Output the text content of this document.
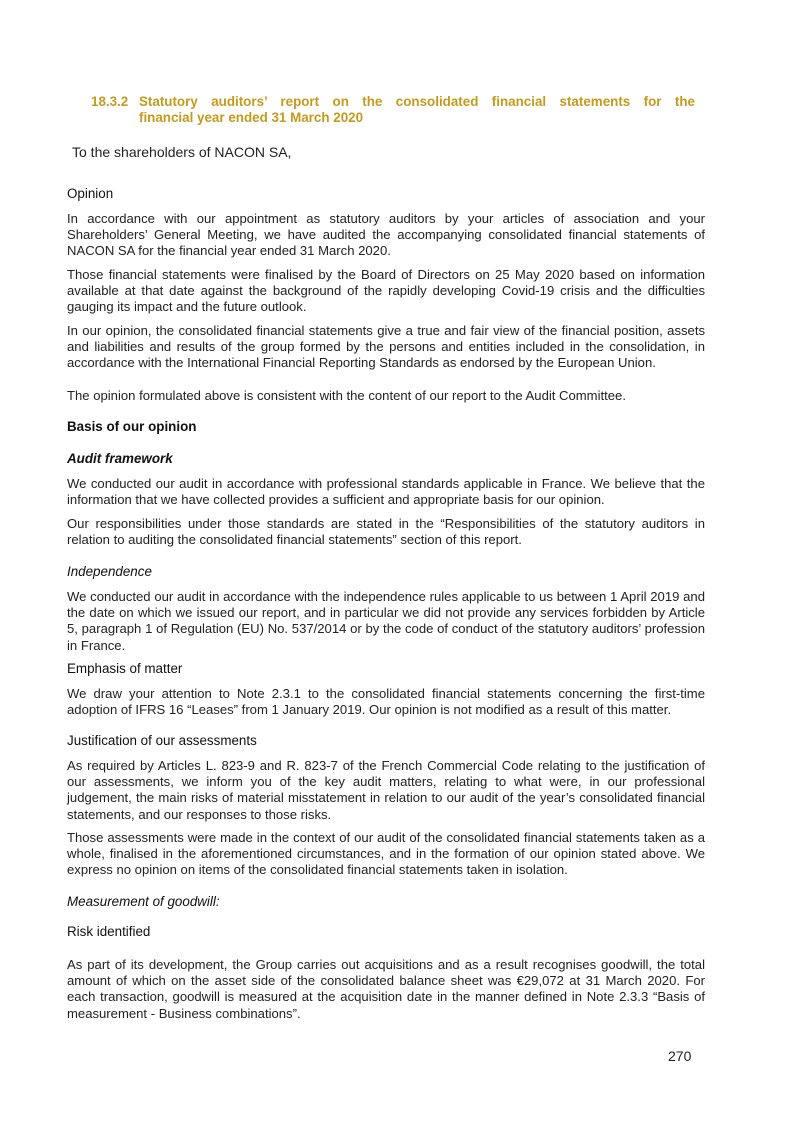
18.3.2 Statutory auditors’ report on the consolidated financial statements for the
financial year ended 31 March 2020
To the shareholders of NACON SA,
Opinion

In accordance with our appointment as statutory auditors by your articles of association and your Shareholders’ General Meeting, we have audited the accompanying consolidated financial statements of NACON SA for the financial year ended 31 March 2020.

Those financial statements were finalised by the Board of Directors on 25 May 2020 based on information available at that date against the background of the rapidly developing Covid-19 crisis and the difficulties gauging its impact and the future outlook.

In our opinion, the consolidated financial statements give a true and fair view of the financial position, assets and liabilities and results of the group formed by the persons and entities included in the consolidation, in accordance with the International Financial Reporting Standards as endorsed by the European Union.

The opinion formulated above is consistent with the content of our report to the Audit Committee.

Basis of our opinion
Audit framework

We conducted our audit in accordance with professional standards applicable in France. We believe that the information that we have collected provides a sufficient and appropriate basis for our opinion.

Our responsibilities under those standards are stated in the “Responsibilities of the statutory auditors in relation to auditing the consolidated financial statements” section of this report.

Independence

We conducted our audit in accordance with the independence rules applicable to us between 1 April 2019 and the date on which we issued our report, and in particular we did not provide any services forbidden by Article 5, paragraph 1 of Regulation (EU) No. 537/2014 or by the code of conduct of the statutory auditors’ profession in France.

Emphasis of matter

We draw your attention to Note 2.3.1 to the consolidated financial statements concerning the first-time adoption of IFRS 16 “Leases” from 1 January 2019. Our opinion is not modified as a result of this matter.

Justification of our assessments

As required by Articles L. 823-9 and R. 823-7 of the French Commercial Code relating to the justification of our assessments, we inform you of the key audit matters, relating to what were, in our professional judgement, the main risks of material misstatement in relation to our audit of the year’s consolidated financial statements, and our responses to those risks.

Those assessments were made in the context of our audit of the consolidated financial statements taken as a whole, finalised in the aforementioned circumstances, and in the formation of our opinion stated above. We express no opinion on items of the consolidated financial statements taken in isolation.

Measurement of goodwill:
Risk identified

As part of its development, the Group carries out acquisitions and as a result recognises goodwill, the total amount of which on the asset side of the consolidated balance sheet was €29,072 at 31 March 2020. For each transaction, goodwill is measured at the acquisition date in the manner defined in Note 2.3.3 “Basis of measurement - Business combinations”.

270
